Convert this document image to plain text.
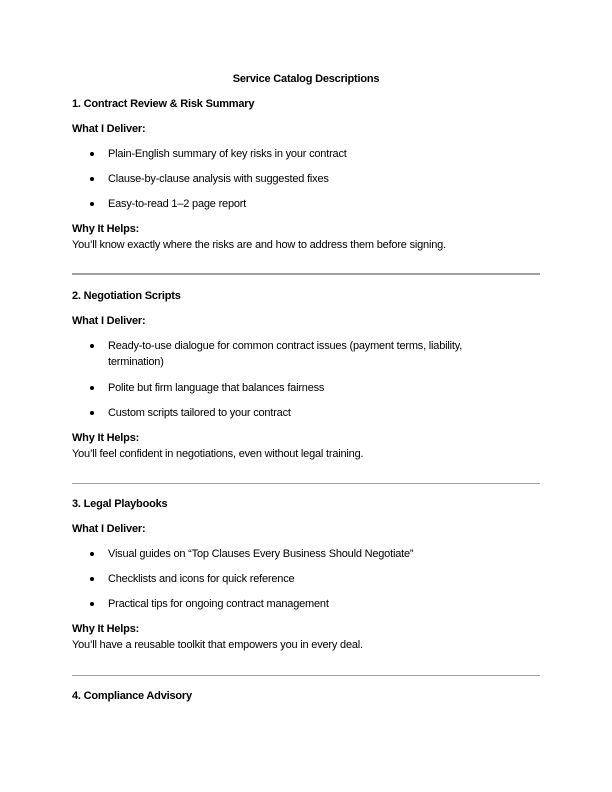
Service Catalog Descriptions
1. Contract Review & Risk Summary
What I Deliver:
Plain-English summary of key risks in your contract
Clause-by-clause analysis with suggested fixes
Easy-to-read 1–2 page report
Why It Helps:
You’ll know exactly where the risks are and how to address them before signing.
2. Negotiation Scripts
What I Deliver:
Ready-to-use dialogue for common contract issues (payment terms, liability, termination)
Polite but firm language that balances fairness
Custom scripts tailored to your contract
Why It Helps:
You’ll feel confident in negotiations, even without legal training.
3. Legal Playbooks
What I Deliver:
Visual guides on “Top Clauses Every Business Should Negotiate”
Checklists and icons for quick reference
Practical tips for ongoing contract management
Why It Helps:
You’ll have a reusable toolkit that empowers you in every deal.
4. Compliance Advisory
